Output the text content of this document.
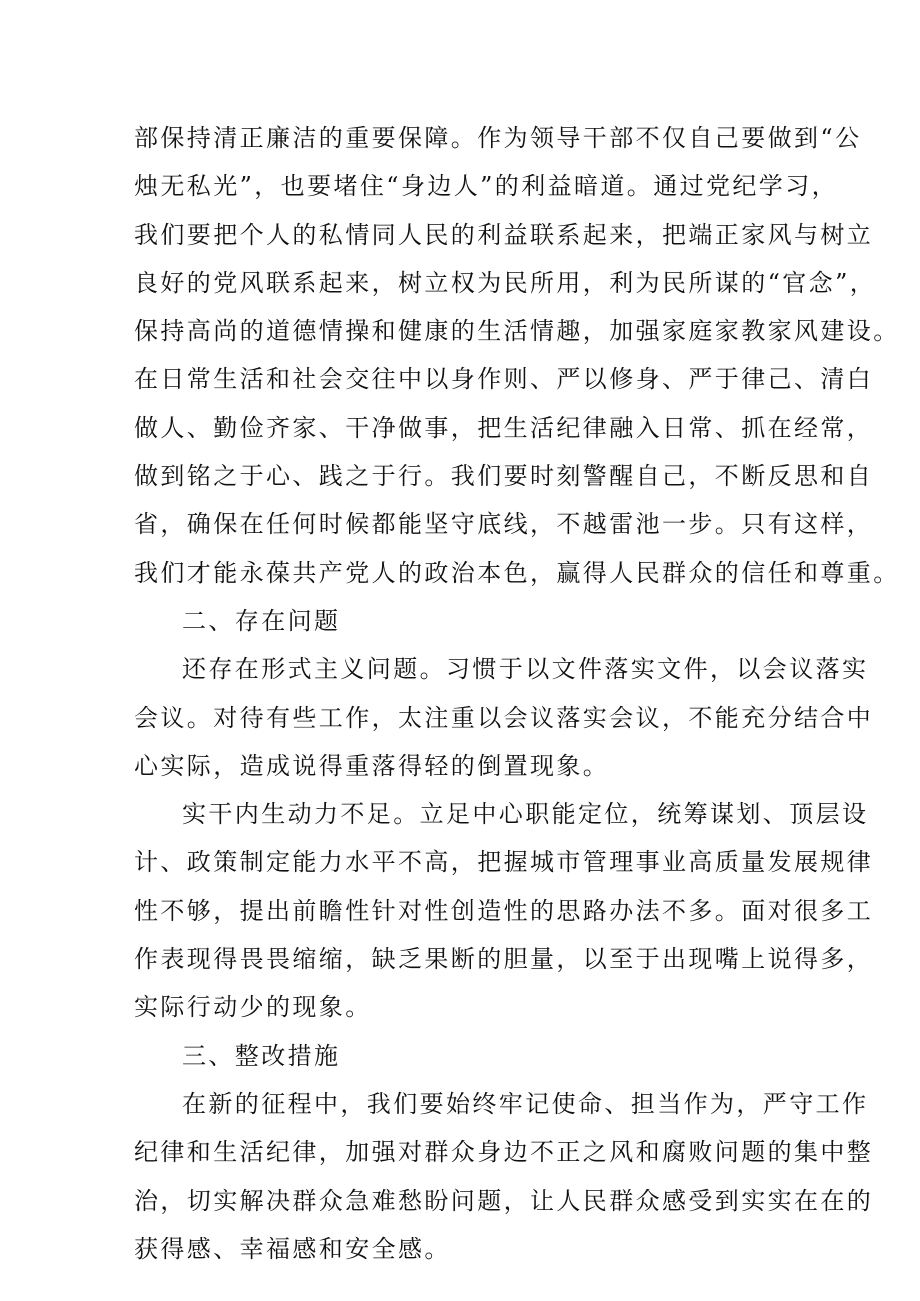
部保持清正廉洁的重要保障。作为领导干部不仅自己要做到“公
烛无私光”，也要堵住“身边人”的利益暗道。通过党纪学习，
我们要把个人的私情同人民的利益联系起来，把端正家风与树立
良好的党风联系起来，树立权为民所用，利为民所谋的“官念”，
保持高尚的道德情操和健康的生活情趣，加强家庭家教家风建设。
在日常生活和社会交往中以身作则、严以修身、严于律己、清白
做人、勤俭齐家、干净做事，把生活纪律融入日常、抓在经常，
做到铭之于心、践之于行。我们要时刻警醒自己，不断反思和自
省，确保在任何时候都能坚守底线，不越雷池一步。只有这样，
我们才能永葆共产党人的政治本色，赢得人民群众的信任和尊重。
二、存在问题
还存在形式主义问题。习惯于以文件落实文件，以会议落实
会议。对待有些工作，太注重以会议落实会议，不能充分结合中
心实际，造成说得重落得轻的倒置现象。
实干内生动力不足。立足中心职能定位，统筹谋划、顶层设
计、政策制定能力水平不高，把握城市管理事业高质量发展规律
性不够，提出前瞻性针对性创造性的思路办法不多。面对很多工
作表现得畏畏缩缩，缺乏果断的胆量，以至于出现嘴上说得多，
实际行动少的现象。
三、整改措施
在新的征程中，我们要始终牢记使命、担当作为，严守工作
纪律和生活纪律，加强对群众身边不正之风和腐败问题的集中整
治，切实解决群众急难愁盼问题，让人民群众感受到实实在在的
获得感、幸福感和安全感。
